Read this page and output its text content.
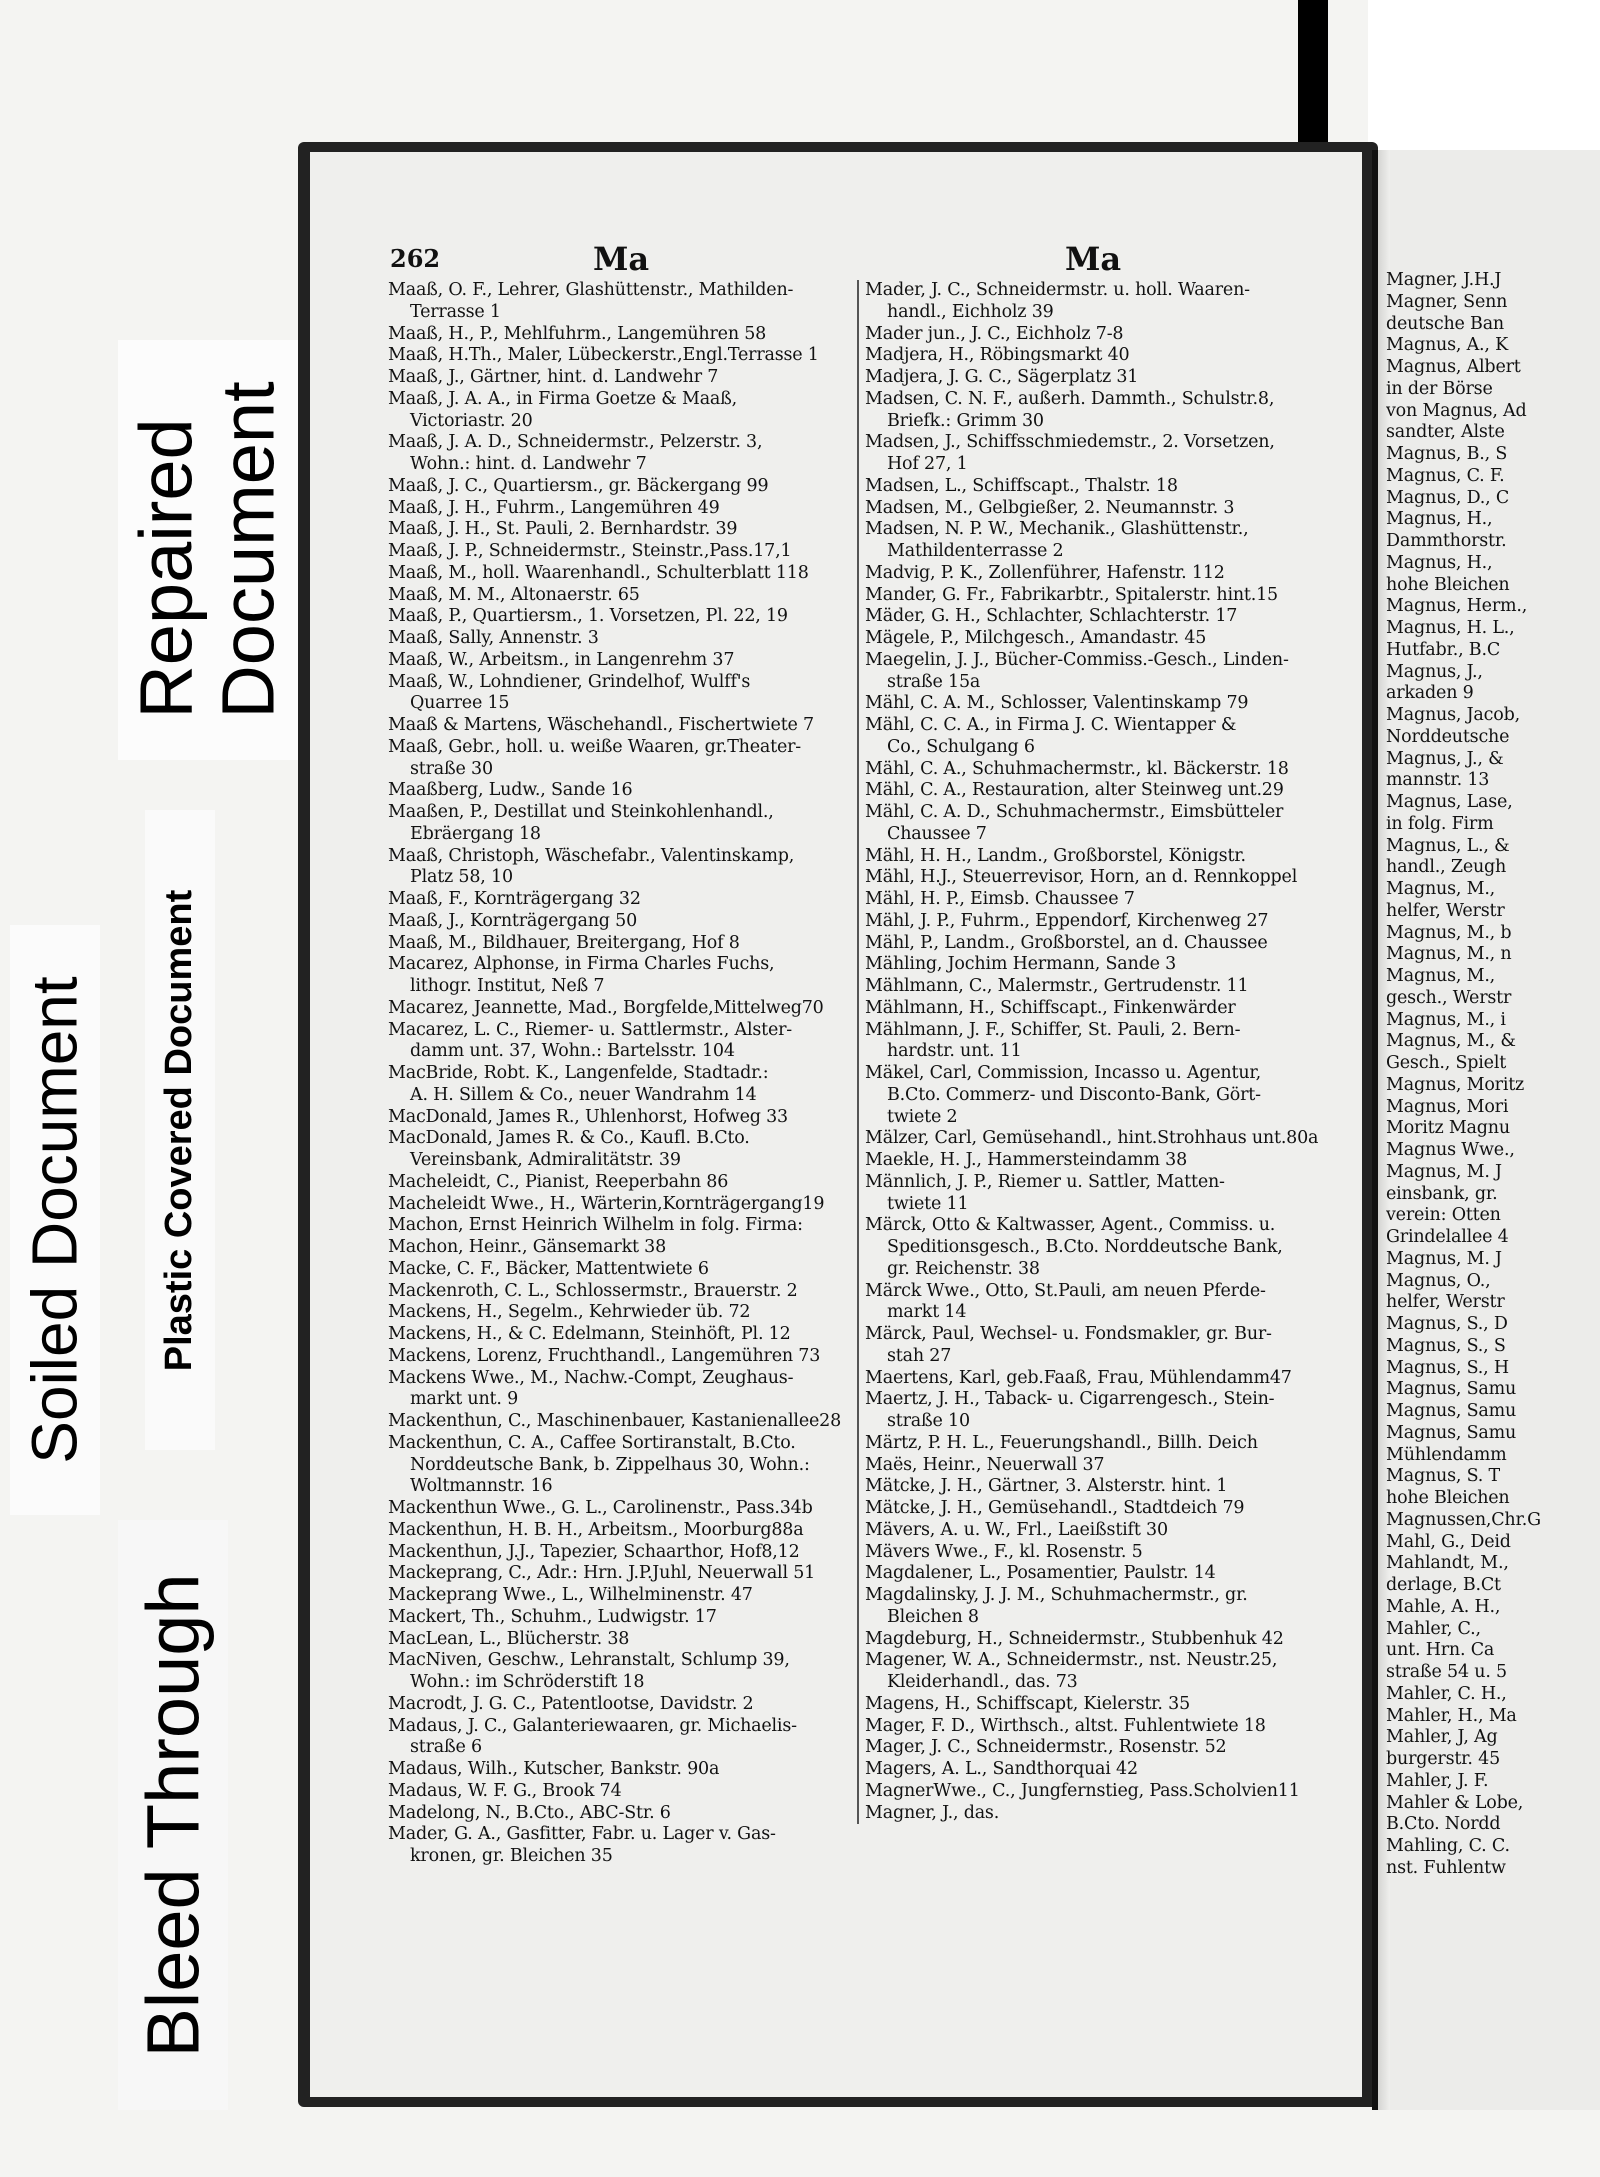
Repaired
Document
Plastic Covered Document
Soiled Document
Bleed Through
262	Ma	Ma
Maaß, O. F., Lehrer, Glashüttenstr., Mathilden-
Terrasse 1
Maaß, H., P., Mehlfuhrm., Langemühren 58
Maaß, H.Th., Maler, Lübeckerstr.,Engl.Terrasse 1
Maaß, J., Gärtner, hint. d. Landwehr 7
Maaß, J. A. A., in Firma Goetze & Maaß,
Victoriastr. 20
Maaß, J. A. D., Schneidermstr., Pelzerstr. 3,
Wohn.: hint. d. Landwehr 7
Maaß, J. C., Quartiersm., gr. Bäckergang 99
Maaß, J. H., Fuhrm., Langemühren 49
Maaß, J. H., St. Pauli, 2. Bernhardstr. 39
Maaß, J. P., Schneidermstr., Steinstr.,Pass.17,1
Maaß, M., holl. Waarenhandl., Schulterblatt 118
Maaß, M. M., Altonaerstr. 65
Maaß, P., Quartiersm., 1. Vorsetzen, Pl. 22, 19
Maaß, Sally, Annenstr. 3
Maaß, W., Arbeitsm., in Langenrehm 37
Maaß, W., Lohndiener, Grindelhof, Wulff's
Quarree 15
Maaß & Martens, Wäschehandl., Fischertwiete 7
Maaß, Gebr., holl. u. weiße Waaren, gr.Theater-
straße 30
Maaßberg, Ludw., Sande 16
Maaßen, P., Destillat und Steinkohlenhandl.,
Ebräergang 18
Maaß, Christoph, Wäschefabr., Valentinskamp,
Platz 58, 10
Maaß, F., Kornträgergang 32
Maaß, J., Kornträgergang 50
Maaß, M., Bildhauer, Breitergang, Hof 8
Macarez, Alphonse, in Firma Charles Fuchs,
lithogr. Institut, Neß 7
Macarez, Jeannette, Mad., Borgfelde,Mittelweg70
Macarez, L. C., Riemer- u. Sattlermstr., Alster-
damm unt. 37, Wohn.: Bartelsstr. 104
MacBride, Robt. K., Langenfelde, Stadtadr.:
A. H. Sillem & Co., neuer Wandrahm 14
MacDonald, James R., Uhlenhorst, Hofweg 33
MacDonald, James R. & Co., Kaufl. B.Cto.
Vereinsbank, Admiralitätstr. 39
Macheleidt, C., Pianist, Reeperbahn 86
Macheleidt Wwe., H., Wärterin,Kornträgergang19
Machon, Ernst Heinrich Wilhelm in folg. Firma:
Machon, Heinr., Gänsemarkt 38
Macke, C. F., Bäcker, Mattentwiete 6
Mackenroth, C. L., Schlossermstr., Brauerstr. 2
Mackens, H., Segelm., Kehrwieder üb. 72
Mackens, H., & C. Edelmann, Steinhöft, Pl. 12
Mackens, Lorenz, Fruchthandl., Langemühren 73
Mackens Wwe., M., Nachw.-Compt, Zeughaus-
markt unt. 9
Mackenthun, C., Maschinenbauer, Kastanienallee28
Mackenthun, C. A., Caffee Sortiranstalt, B.Cto.
Norddeutsche Bank, b. Zippelhaus 30, Wohn.:
Woltmannstr. 16
Mackenthun Wwe., G. L., Carolinenstr., Pass.34b
Mackenthun, H. B. H., Arbeitsm., Moorburg88a
Mackenthun, J.J., Tapezier, Schaarthor, Hof8,12
Mackeprang, C., Adr.: Hrn. J.P.Juhl, Neuerwall 51
Mackeprang Wwe., L., Wilhelminenstr. 47
Mackert, Th., Schuhm., Ludwigstr. 17
MacLean, L., Blücherstr. 38
MacNiven, Geschw., Lehranstalt, Schlump 39,
Wohn.: im Schröderstift 18
Macrodt, J. G. C., Patentlootse, Davidstr. 2
Madaus, J. C., Galanteriewaaren, gr. Michaelis-
straße 6
Madaus, Wilh., Kutscher, Bankstr. 90a
Madaus, W. F. G., Brook 74
Madelong, N., B.Cto., ABC-Str. 6
Mader, G. A., Gasfitter, Fabr. u. Lager v. Gas-
kronen, gr. Bleichen 35
Mader, J. C., Schneidermstr. u. holl. Waaren-
handl., Eichholz 39
Mader jun., J. C., Eichholz 7-8
Madjera, H., Röbingsmarkt 40
Madjera, J. G. C., Sägerplatz 31
Madsen, C. N. F., außerh. Dammth., Schulstr.8,
Briefk.: Grimm 30
Madsen, J., Schiffsschmiedemstr., 2. Vorsetzen,
Hof 27, 1
Madsen, L., Schiffscapt., Thalstr. 18
Madsen, M., Gelbgießer, 2. Neumannstr. 3
Madsen, N. P. W., Mechanik., Glashüttenstr.,
Mathildenterrasse 2
Madvig, P. K., Zollenführer, Hafenstr. 112
Mander, G. Fr., Fabrikarbtr., Spitalerstr. hint.15
Mäder, G. H., Schlachter, Schlachterstr. 17
Mägele, P., Milchgesch., Amandastr. 45
Maegelin, J. J., Bücher-Commiss.-Gesch., Linden-
straße 15a
Mähl, C. A. M., Schlosser, Valentinskamp 79
Mähl, C. C. A., in Firma J. C. Wientapper &
Co., Schulgang 6
Mähl, C. A., Schuhmachermstr., kl. Bäckerstr. 18
Mähl, C. A., Restauration, alter Steinweg unt.29
Mähl, C. A. D., Schuhmachermstr., Eimsbütteler
Chaussee 7
Mähl, H. H., Landm., Großborstel, Königstr.
Mähl, H.J., Steuerrevisor, Horn, an d. Rennkoppel
Mähl, H. P., Eimsb. Chaussee 7
Mähl, J. P., Fuhrm., Eppendorf, Kirchenweg 27
Mähl, P., Landm., Großborstel, an d. Chaussee
Mähling, Jochim Hermann, Sande 3
Mählmann, C., Malermstr., Gertrudenstr. 11
Mählmann, H., Schiffscapt., Finkenwärder
Mählmann, J. F., Schiffer, St. Pauli, 2. Bern-
hardstr. unt. 11
Mäkel, Carl, Commission, Incasso u. Agentur,
B.Cto. Commerz- und Disconto-Bank, Gört-
twiete 2
Mälzer, Carl, Gemüsehandl., hint.Strohhaus unt.80a
Maekle, H. J., Hammersteindamm 38
Männlich, J. P., Riemer u. Sattler, Matten-
twiete 11
Märck, Otto & Kaltwasser, Agent., Commiss. u.
Speditionsgesch., B.Cto. Norddeutsche Bank,
gr. Reichenstr. 38
Märck Wwe., Otto, St.Pauli, am neuen Pferde-
markt 14
Märck, Paul, Wechsel- u. Fondsmakler, gr. Bur-
stah 27
Maertens, Karl, geb.Faaß, Frau, Mühlendamm47
Maertz, J. H., Taback- u. Cigarrengesch., Stein-
straße 10
Märtz, P. H. L., Feuerungshandl., Billh. Deich
Maës, Heinr., Neuerwall 37
Mätcke, J. H., Gärtner, 3. Alsterstr. hint. 1
Mätcke, J. H., Gemüsehandl., Stadtdeich 79
Mävers, A. u. W., Frl., Laeißstift 30
Mävers Wwe., F., kl. Rosenstr. 5
Magdalener, L., Posamentier, Paulstr. 14
Magdalinsky, J. J. M., Schuhmachermstr., gr.
Bleichen 8
Magdeburg, H., Schneidermstr., Stubbenhuk 42
Magener, W. A., Schneidermstr., nst. Neustr.25,
Kleiderhandl., das. 73
Magens, H., Schiffscapt, Kielerstr. 35
Mager, F. D., Wirthsch., altst. Fuhlentwiete 18
Mager, J. C., Schneidermstr., Rosenstr. 52
Magers, A. L., Sandthorquai 42
MagnerWwe., C., Jungfernstieg, Pass.Scholvien11
Magner, J., das.
Magner, J.H.J
Magner, Senn
deutsche Ban
Magnus, A., K
Magnus, Albert
in der Börse
von Magnus, Ad
sandter, Alste
Magnus, B., S
Magnus, C. F.
Magnus, D., C
Magnus, H.,
Dammthorstr.
Magnus, H.,
hohe Bleichen
Magnus, Herm.,
Magnus, H. L.,
Hutfabr., B.C
Magnus, J.,
arkaden 9
Magnus, Jacob,
Norddeutsche
Magnus, J., &
mannstr. 13
Magnus, Lase,
in folg. Firm
Magnus, L., &
handl., Zeugh
Magnus, M.,
helfer, Werstr
Magnus, M., b
Magnus, M., n
Magnus, M.,
gesch., Werstr
Magnus, M., i
Magnus, M., &
Gesch., Spielt
Magnus, Moritz
Magnus, Mori
Moritz Magnu
Magnus Wwe.,
Magnus, M. J
einsbank, gr.
verein: Otten
Grindelallee 4
Magnus, M. J
Magnus, O.,
helfer, Werstr
Magnus, S., D
Magnus, S., S
Magnus, S., H
Magnus, Samu
Magnus, Samu
Magnus, Samu
Mühlendamm
Magnus, S. T
hohe Bleichen
Magnussen,Chr.G
Mahl, G., Deid
Mahlandt, M.,
derlage, B.Ct
Mahle, A. H.,
Mahler, C.,
unt. Hrn. Ca
straße 54 u. 5
Mahler, C. H.,
Mahler, H., Ma
Mahler, J, Ag
burgerstr. 45
Mahler, J. F.
Mahler & Lobe,
B.Cto. Nordd
Mahling, C. C.
nst. Fuhlentw
